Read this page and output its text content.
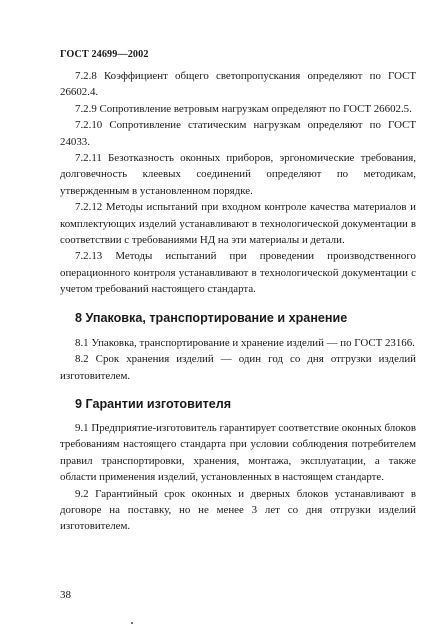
ГОСТ 24699—2002

7.2.8 Коэффициент общего светопропускания определяют по ГОСТ 26602.4.

7.2.9 Сопротивление ветровым нагрузкам определяют по ГОСТ 26602.5.

7.2.10 Сопротивление статическим нагрузкам определяют по ГОСТ 24033.

7.2.11 Безотказность оконных приборов, эргономические требования, долговечность клеевых соединений определяют по методикам, утвержденным в установленном порядке.

7.2.12 Методы испытаний при входном контроле качества материалов и комплектующих изделий устанавливают в технологической документации в соответствии с требованиями НД на эти материалы и детали.

7.2.13 Методы испытаний при проведении производственного операционного контроля устанавливают в технологической документации с учетом требований настоящего стандарта.

8 Упаковка, транспортирование и хранение

8.1 Упаковка, транспортирование и хранение изделий — по ГОСТ 23166.

8.2 Срок хранения изделий — один год со дня отгрузки изделий изготовителем.

9 Гарантии изготовителя

9.1 Предприятие-изготовитель гарантирует соответствие оконных блоков требованиям настоящего стандарта при условии соблюдения потребителем правил транспортировки, хранения, монтажа, эксплуатации, а также области применения изделий, установленных в настоящем стандарте.

9.2 Гарантийный срок оконных и дверных блоков устанавливают в договоре на поставку, но не менее 3 лет со дня отгрузки изделий изготовителем.

38
